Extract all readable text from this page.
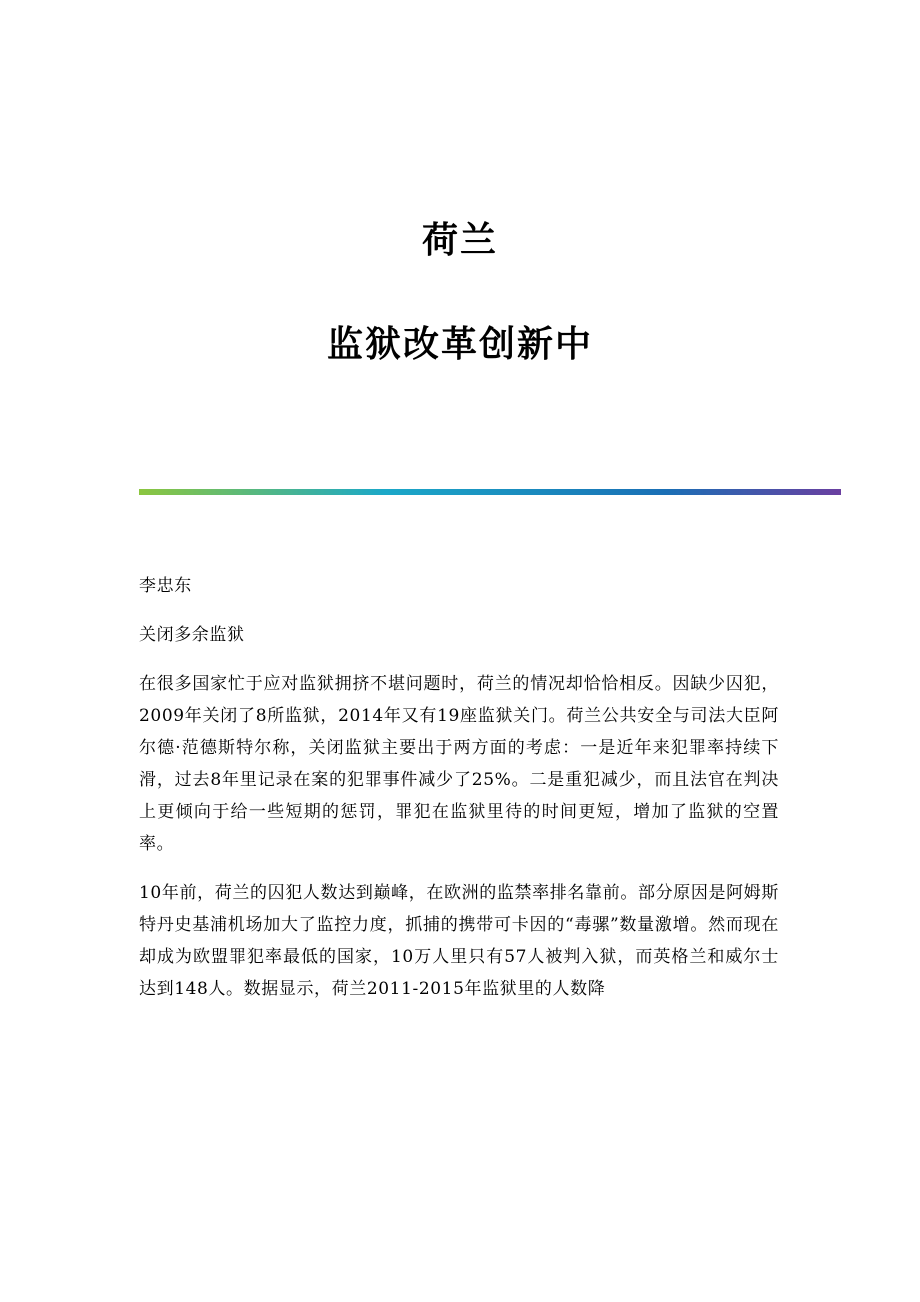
荷兰
监狱改革创新中

李忠东

关闭多余监狱

在很多国家忙于应对监狱拥挤不堪问题时，荷兰的情况却恰恰相反。因缺少囚犯，2009年关闭了8所监狱，2014年又有19座监狱关门。荷兰公共安全与司法大臣阿尔德·范德斯特尔称，关闭监狱主要出于两方面的考虑：一是近年来犯罪率持续下滑，过去8年里记录在案的犯罪事件减少了25%。二是重犯减少，而且法官在判决上更倾向于给一些短期的惩罚，罪犯在监狱里待的时间更短，增加了监狱的空置率。

10年前，荷兰的囚犯人数达到巅峰，在欧洲的监禁率排名靠前。部分原因是阿姆斯特丹史基浦机场加大了监控力度，抓捕的携带可卡因的“毒骡”数量激增。然而现在却成为欧盟罪犯率最低的国家，10万人里只有57人被判入狱，而英格兰和威尔士达到148人。数据显示，荷兰2011-2015年监狱里的人数降
